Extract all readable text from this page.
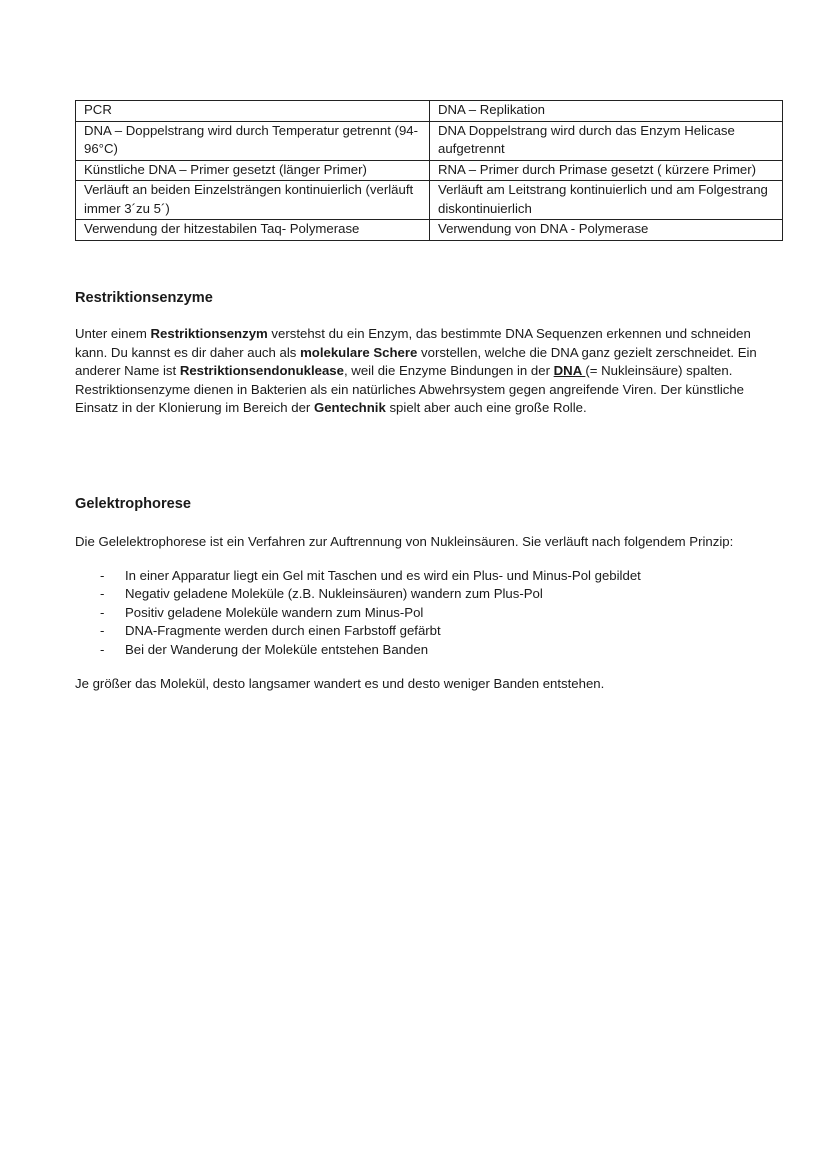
PCR	DNA – Replikation
DNA – Doppelstrang wird durch Temperatur getrennt (94-96°C)	DNA Doppelstrang wird durch das Enzym Helicase aufgetrennt
Künstliche DNA – Primer gesetzt (länger Primer)	RNA – Primer durch Primase gesetzt ( kürzere Primer)
Verläuft an beiden Einzelsträngen kontinuierlich (verläuft immer 3´zu 5´)	Verläuft am Leitstrang kontinuierlich und am Folgestrang diskontinuierlich
Verwendung der hitzestabilen Taq- Polymerase	Verwendung von DNA - Polymerase
Restriktionsenzyme

Unter einem Restriktionsenzym verstehst du ein Enzym, das bestimmte DNA Sequenzen erkennen und schneiden kann. Du kannst es dir daher auch als molekulare Schere vorstellen, welche die DNA ganz gezielt zerschneidet. Ein anderer Name ist Restriktionsendonuklease, weil die Enzyme Bindungen in der DNA (= Nukleinsäure) spalten. Restriktionsenzyme dienen in Bakterien als ein natürliches Abwehrsystem gegen angreifende Viren. Der künstliche Einsatz in der Klonierung im Bereich der Gentechnik spielt aber auch eine große Rolle.

Gelektrophorese

Die Gelelektrophorese ist ein Verfahren zur Auftrennung von Nukleinsäuren. Sie verläuft nach folgendem Prinzip:

- In einer Apparatur liegt ein Gel mit Taschen und es wird ein Plus- und Minus-Pol gebildet
- Negativ geladene Moleküle (z.B. Nukleinsäuren) wandern zum Plus-Pol
- Positiv geladene Moleküle wandern zum Minus-Pol
- DNA-Fragmente werden durch einen Farbstoff gefärbt
- Bei der Wanderung der Moleküle entstehen Banden

Je größer das Molekül, desto langsamer wandert es und desto weniger Banden entstehen.
